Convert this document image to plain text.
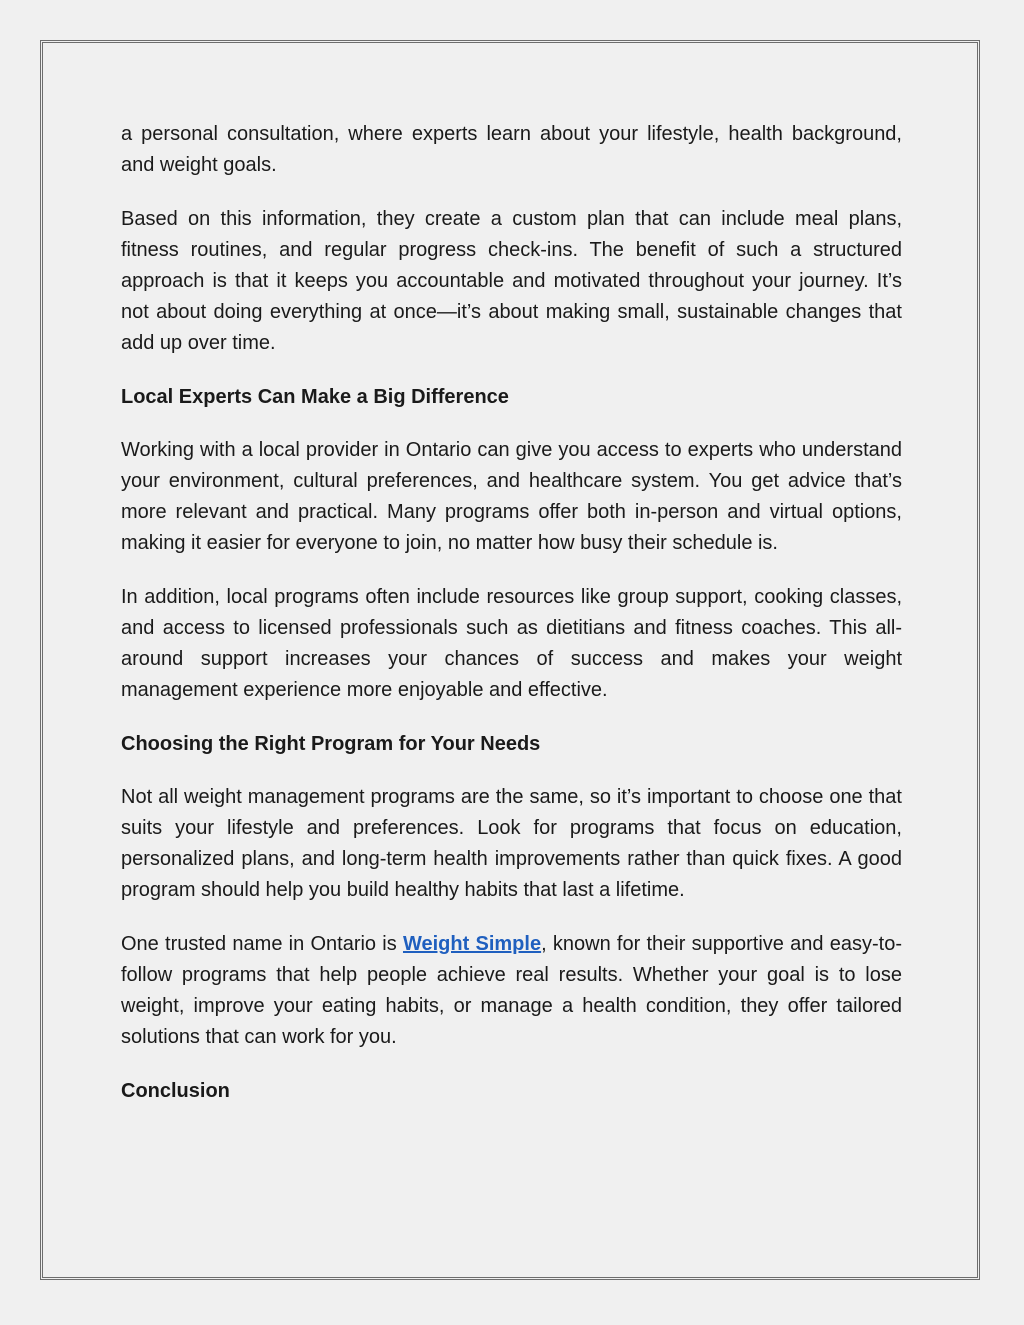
a personal consultation, where experts learn about your lifestyle, health background, and weight goals.

Based on this information, they create a custom plan that can include meal plans, fitness routines, and regular progress check-ins. The benefit of such a structured approach is that it keeps you accountable and motivated throughout your journey. It’s not about doing everything at once—it’s about making small, sustainable changes that add up over time.

Local Experts Can Make a Big Difference

Working with a local provider in Ontario can give you access to experts who understand your environment, cultural preferences, and healthcare system. You get advice that’s more relevant and practical. Many programs offer both in-person and virtual options, making it easier for everyone to join, no matter how busy their schedule is.

In addition, local programs often include resources like group support, cooking classes, and access to licensed professionals such as dietitians and fitness coaches. This all-around support increases your chances of success and makes your weight management experience more enjoyable and effective.

Choosing the Right Program for Your Needs

Not all weight management programs are the same, so it’s important to choose one that suits your lifestyle and preferences. Look for programs that focus on education, personalized plans, and long-term health improvements rather than quick fixes. A good program should help you build healthy habits that last a lifetime.

One trusted name in Ontario is Weight Simple, known for their supportive and easy-to-follow programs that help people achieve real results. Whether your goal is to lose weight, improve your eating habits, or manage a health condition, they offer tailored solutions that can work for you.

Conclusion
